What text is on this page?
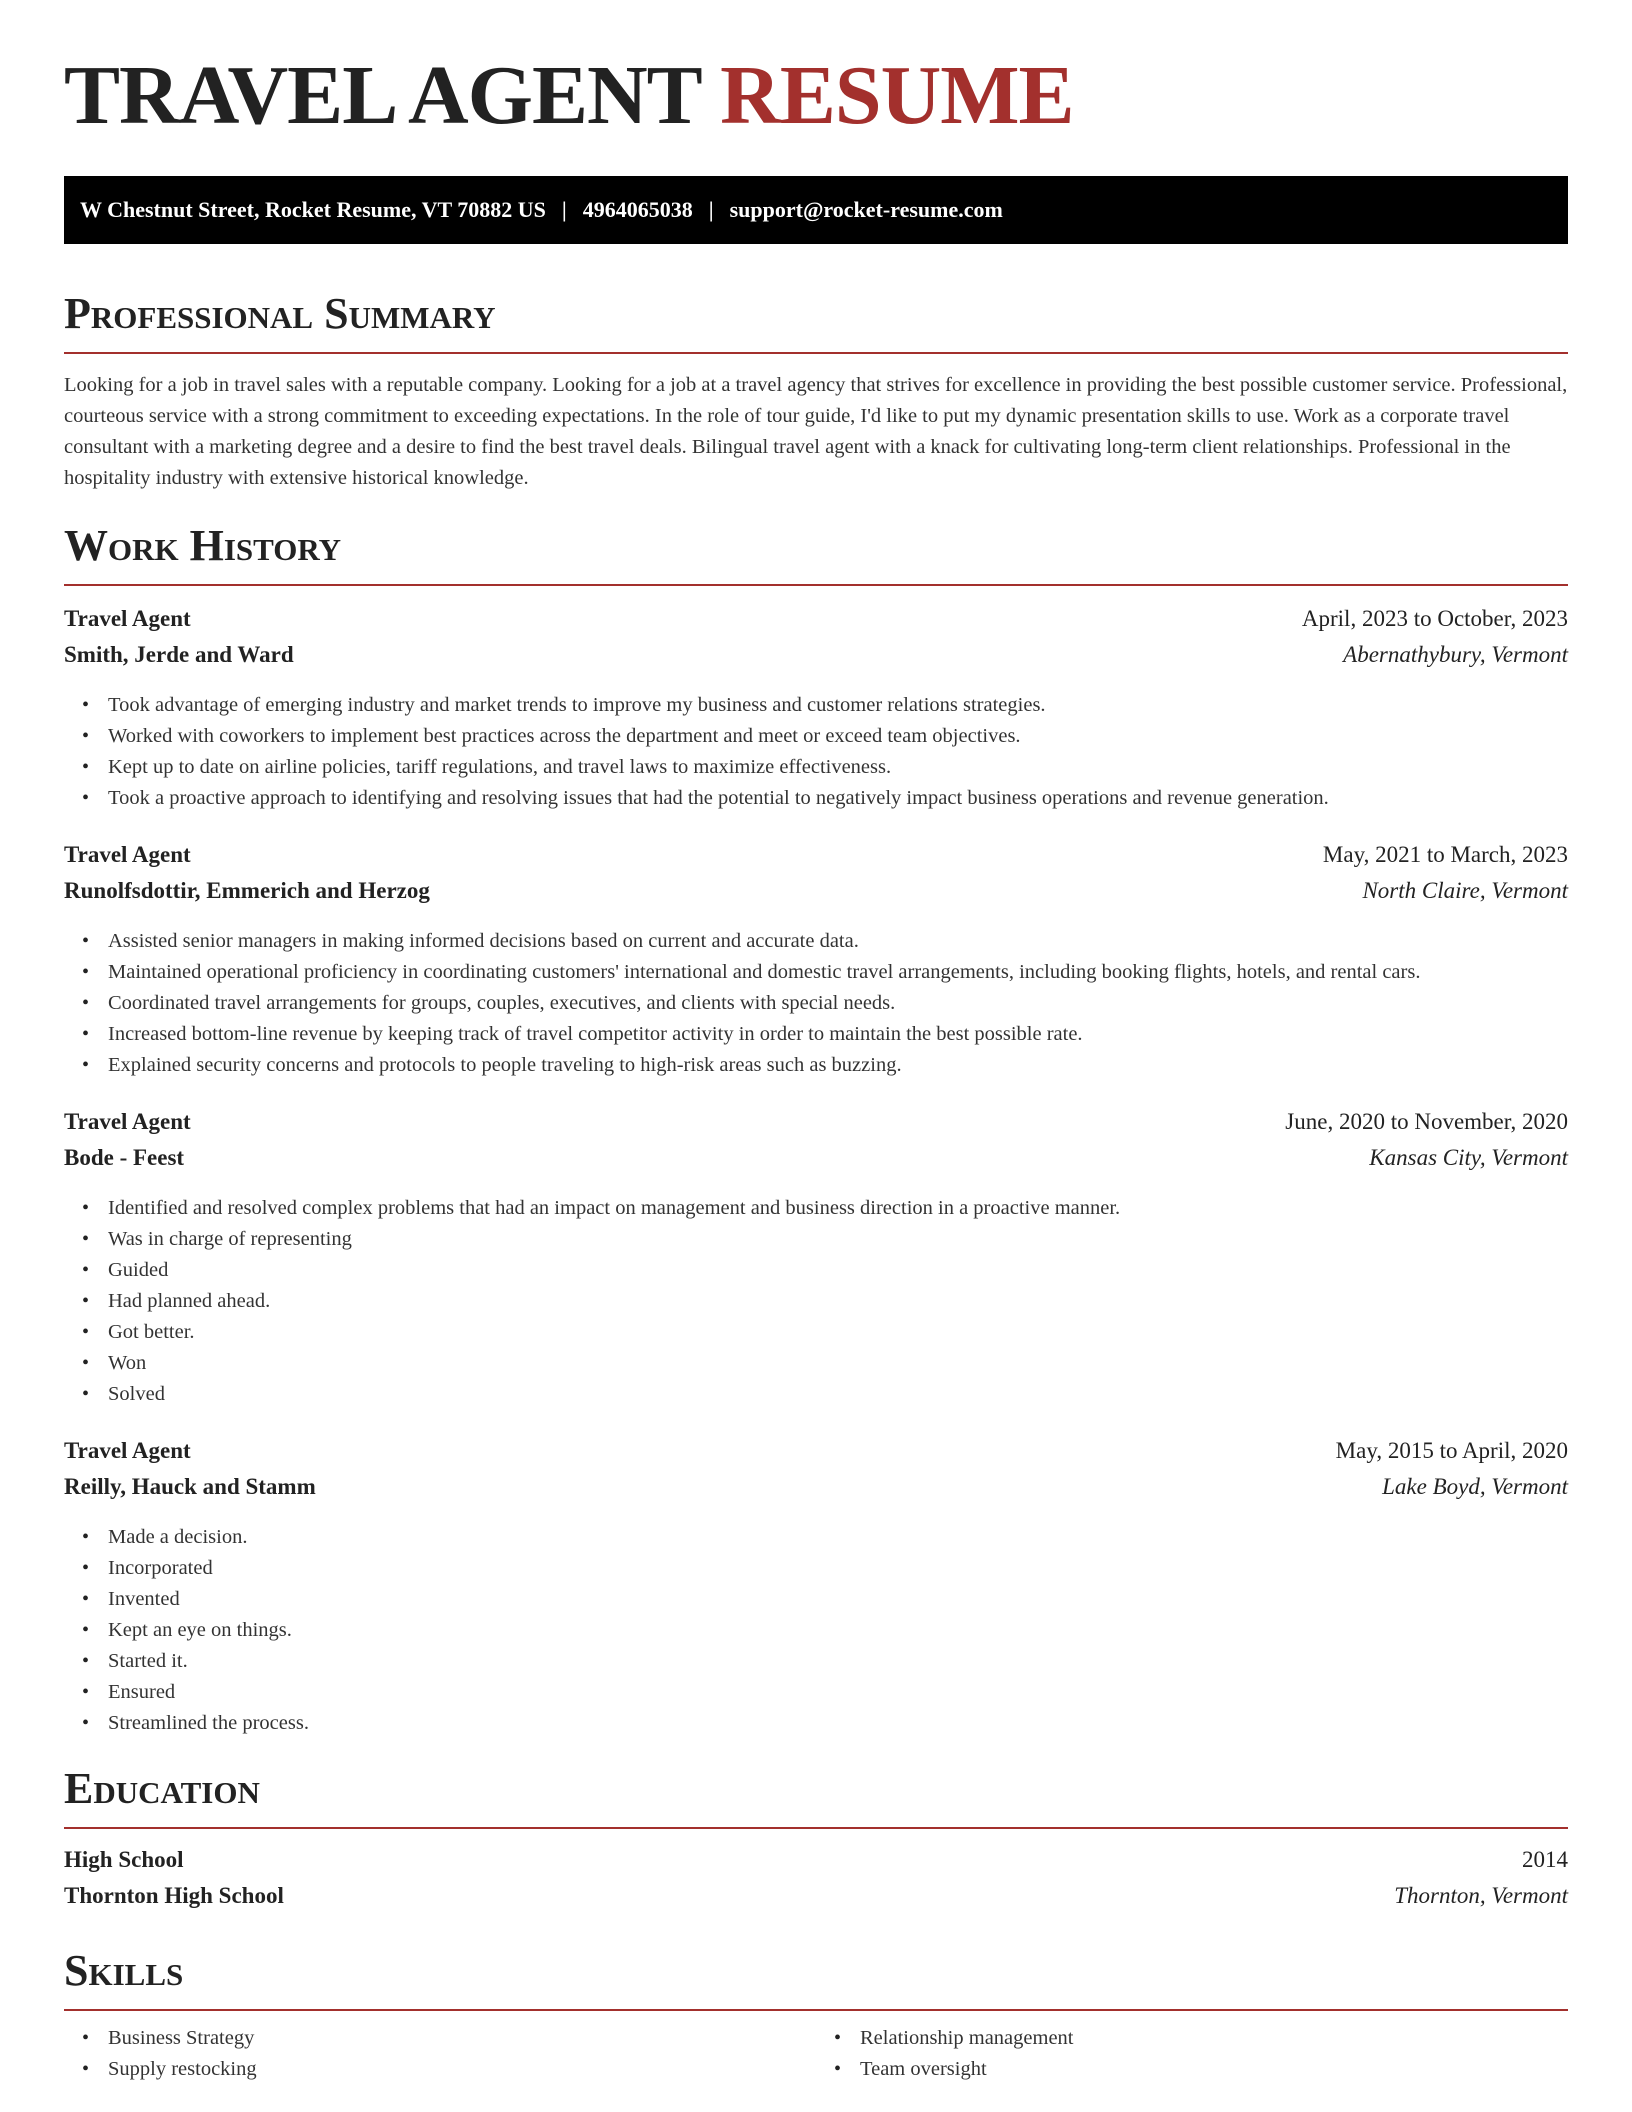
TRAVEL AGENT RESUME
W Chestnut Street, Rocket Resume, VT 70882 US | 4964065038 | support@rocket-resume.com
Professional Summary

Looking for a job in travel sales with a reputable company. Looking for a job at a travel agency that strives for excellence in providing the best possible customer service. Professional, courteous service with a strong commitment to exceeding expectations. In the role of tour guide, I'd like to put my dynamic presentation skills to use. Work as a corporate travel consultant with a marketing degree and a desire to find the best travel deals. Bilingual travel agent with a knack for cultivating long-term client relationships. Professional in the hospitality industry with extensive historical knowledge.

Work History
Travel Agent	April, 2023 to October, 2023
Smith, Jerde and Ward	Abernathybury, Vermont
• Took advantage of emerging industry and market trends to improve my business and customer relations strategies.
• Worked with coworkers to implement best practices across the department and meet or exceed team objectives.
• Kept up to date on airline policies, tariff regulations, and travel laws to maximize effectiveness.
• Took a proactive approach to identifying and resolving issues that had the potential to negatively impact business operations and revenue generation.
Travel Agent	May, 2021 to March, 2023
Runolfsdottir, Emmerich and Herzog	North Claire, Vermont
• Assisted senior managers in making informed decisions based on current and accurate data.
• Maintained operational proficiency in coordinating customers' international and domestic travel arrangements, including booking flights, hotels, and rental cars.
• Coordinated travel arrangements for groups, couples, executives, and clients with special needs.
• Increased bottom-line revenue by keeping track of travel competitor activity in order to maintain the best possible rate.
• Explained security concerns and protocols to people traveling to high-risk areas such as buzzing.
Travel Agent	June, 2020 to November, 2020
Bode - Feest	Kansas City, Vermont
• Identified and resolved complex problems that had an impact on management and business direction in a proactive manner.
• Was in charge of representing
• Guided
• Had planned ahead.
• Got better.
• Won
• Solved
Travel Agent	May, 2015 to April, 2020
Reilly, Hauck and Stamm	Lake Boyd, Vermont
• Made a decision.
• Incorporated
• Invented
• Kept an eye on things.
• Started it.
• Ensured
• Streamlined the process.
Education
High School	2014
Thornton High School	Thornton, Vermont
Skills
• Business Strategy
• Supply restocking
• Relationship management
• Team oversight
